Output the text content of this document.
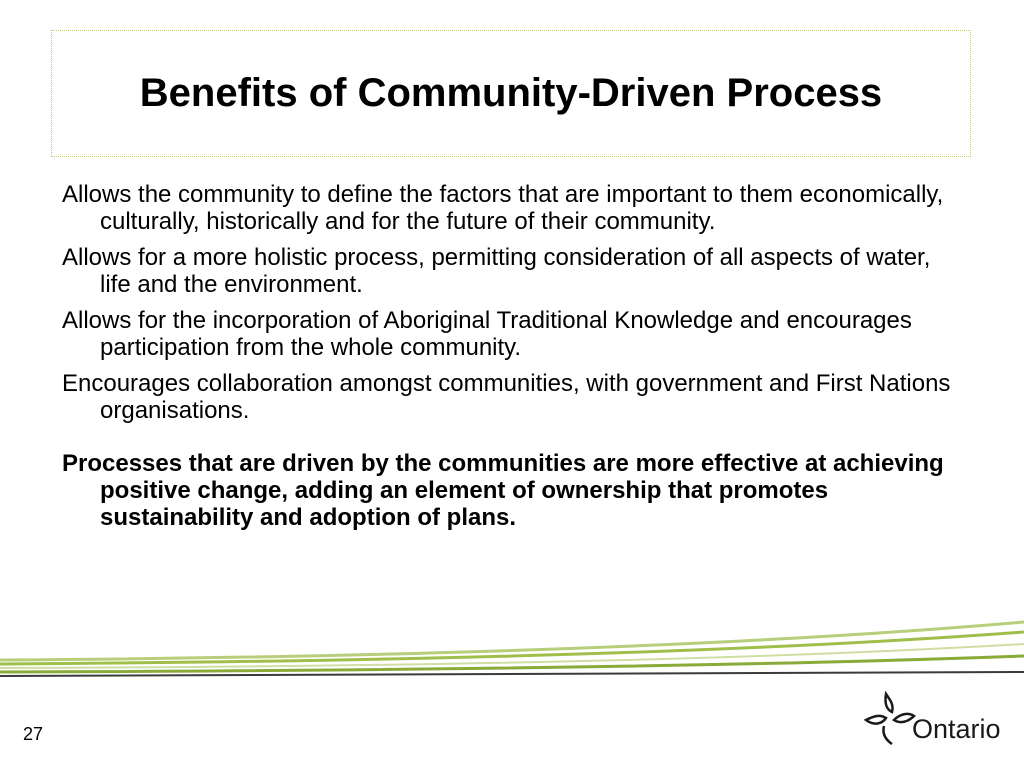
Benefits of Community-Driven Process

Allows the community to define the factors that are important to them economically, culturally, historically and for the future of their community.

Allows for a more holistic process, permitting consideration of all aspects of water, life and the environment.

Allows for the incorporation of Aboriginal Traditional Knowledge and encourages participation from the whole community.

Encourages collaboration amongst communities, with government and First Nations organisations.

Processes that are driven by the communities are more effective at achieving positive change, adding an element of ownership that promotes sustainability and adoption of plans.

27	Ontario
